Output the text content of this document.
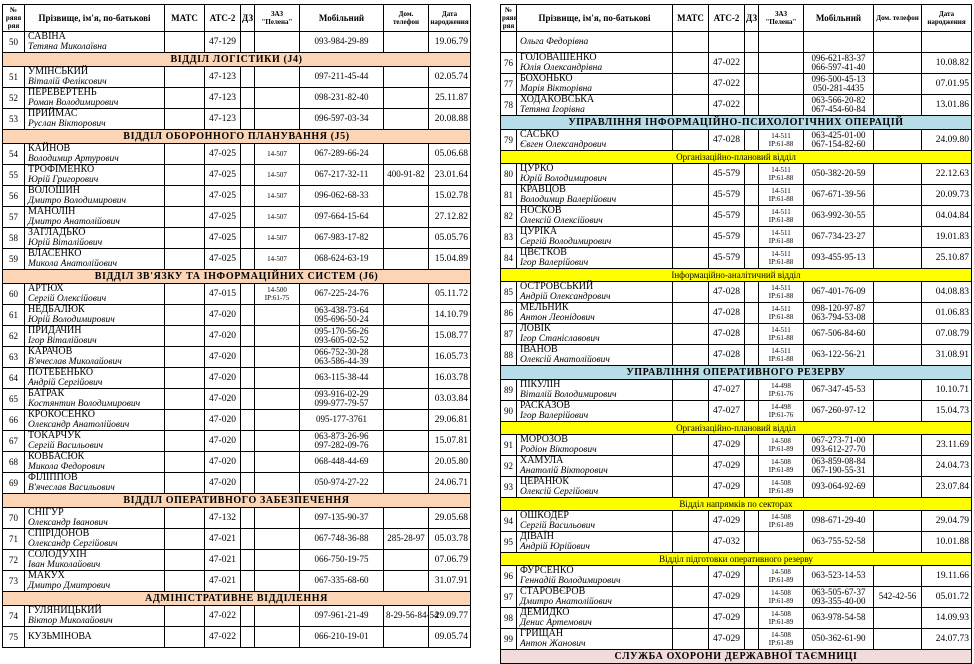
№ ряяя ряя	Прізвище, ім'я, по-батькові	МАТС	АТС-2	ДЗ	ЗАЗ "Пелена"	Мобільний	Дом. телефон	Дата народження
50	САВІНА
Тетяна Миколаївна		47-129			093-984-29-89		19.06.79
ВІДДІЛ ЛОГІСТИКИ (J4)								
51	УМІНСЬКИЙ
Віталій Феліксович		47-123			097-211-45-44		02.05.74
52	ПЕРЕВЕРТЕНЬ
Роман Володимирович		47-123			098-231-82-40		25.11.87
53	ПРИЙМАС
Руслан Вікторович		47-123			096-597-03-34		20.08.88
ВІДДІЛ ОБОРОННОГО ПЛАНУВАННЯ (J5)								
54	КАЙНОВ
Володимир Артурович		47-025		14-507	067-289-66-24		05.06.68
55	ТРОФІМЕНКО
Юрій Григорович		47-025		14-507	067-217-32-11	400-91-82	23.01.64
56	ВОЛОШИН
Дмитро Володимирович		47-025		14-507	096-062-68-33		15.02.78
57	МАНОЛІН
Дмитро Анатолійович		47-025		14-507	097-664-15-64		27.12.82
58	ЗАГЛАДЬКО
Юрій Віталійович		47-025		14-507	067-983-17-82		05.05.76
59	ВЛАСЕНКО
Микола Анатолійович		47-025		14-507	068-624-63-19		15.04.89
ВІДДІЛ ЗВ'ЯЗКУ ТА ІНФОРМАЦІЙНИХ СИСТЕМ (J6)								
60	АРТЮХ
Сергій Олексійович		47-015		14-500
IP:61-75	067-225-24-76		05.11.72
61	НЕДБАЛЮК
Юрій Володимирович		47-020			063-438-73-64
095-696-50-24		14.10.79
62	ПРИДАЧИН
Ігор Віталійович		47-020			095-170-56-26
093-605-02-52		15.08.77
63	КАРАЧОВ
В'ячеслав Миколайович		47-020			066-752-30-28
063-586-44-39		16.05.73
64	ПОТЕБЕНЬКО
Андрій Сергійович		47-020			063-115-38-44		16.03.78
65	БАТРАК
Костянтин Володимирович		47-020			093-916-02-29
099-977-79-57		03.03.84
66	КРОКОСЕНКО
Олександр Анатолійович		47-020			095-177-3761		29.06.81
67	ТОКАРЧУК
Сергій Васильович		47-020			063-873-26-96
097-282-09-76		15.07.81
68	КОВБАСЮК
Микола Федорович		47-020			068-448-44-69		20.05.80
69	ФІЛІППОВ
В'ячеслав Васильович		47-020			050-974-27-22		24.06.71
ВІДДІЛ ОПЕРАТИВНОГО ЗАБЕЗПЕЧЕННЯ								
70	СНІГУР
Олександр Іванович		47-132			097-135-90-37		29.05.68
71	СПІРІДОНОВ
Олександр Сергійович		47-021			067-748-36-88	285-28-97	05.03.78
72	СОЛОДУХІН
Іван Миколайович		47-021			066-750-19-75		07.06.79
73	МАКУХ
Дмитро Дмитрович		47-021			067-335-68-60		31.07.91
АДМІНІСТРАТИВНЕ ВІДДІЛЕННЯ								
74	ГУЛЯНИЦЬКИЙ
Віктор Миколайович		47-022			097-961-21-49	8-29-56-84-54	29.09.77
75	КУЗЬМІНОВА		47-022			066-210-19-01		09.05.74
№ ряяя ряя	Прізвище, ім'я, по-батькові	МАТС	АТС-2	ДЗ	ЗАЗ "Пелена"	Мобільний	Дом. телефон	Дата народження

	Ольга Федорівна							

76	ГОЛОВАШЕНКО
Юлія Олександрівна		47-022			096-621-83-37
066-597-41-40		10.08.82
77	БОХОНЬКО
Марія Вікторівна		47-022			096-500-45-13
050-281-4435		07.01.95
78	ХОДАКОВСЬКА
Тетяна Ігорівна		47-022			063-566-20-82
067-454-60-84		13.01.86
УПРАВЛІННЯ ІНФОРМАЦІЙНО-ПСИХОЛОГІЧНИХ ОПЕРАЦІЙ								
79	САСЬКО
Євген Олександрович		47-028		14-511
IP:61-88	063-425-01-00
067-154-82-60		24.09.80
Організаційно-плановий відділ								
80	ЦУРКО
Юрій Володимирович		45-579		14-511
IP:61-88	050-382-20-59		22.12.63
81	КРАВЦОВ
Володимир Валерійович		45-579		14-511
IP:61-88	067-671-39-56		20.09.73
82	НОСКОВ
Олексій Олексійович		45-579		14-511
IP:61-88	063-992-30-55		04.04.84
83	ЦУРІКА
Сергій Володимирович		45-579		14-511
IP:61-88	067-734-23-27		19.01.83
84	ЦВЄТКОВ
Ігор Валерійович		45-579		14-511
IP:61-88	093-455-95-13		25.10.87
Інформаційно-аналітичний відділ								
85	ОСТРОВСЬКИЙ
Андрій Олександрович		47-028		14-511
IP:61-88	067-401-76-09		04.08.83
86	МЕЛЬНИК
Антон Леонідович		47-028		14-511
IP:61-88	098-120-97-87
063-794-53-08		01.06.83
87	ЛОВІК
Ігор Станіславович		47-028		14-511
IP:61-88	067-506-84-60		07.08.79
88	ІВАНОВ
Олексій Анатолійович		47-028		14-511
IP:61-88	063-122-56-21		31.08.91
УПРАВЛІННЯ ОПЕРАТИВНОГО РЕЗЕРВУ								
89	ПІКУЛІН
Віталій Володимирович		47-027		14-498
IP:61-76	067-347-45-53		10.10.71
90	РАСКАЗОВ
Ігор Валерійович		47-027		14-498
IP:61-76	067-260-97-12		15.04.73
Організаційно-плановий відділ								
91	МОРОЗОВ
Родіон Вікторович		47-029		14-508
IP:61-89	067-273-71-00
093-612-27-70		23.11.69
92	ХАМУЛА
Анатолій Вікторович		47-029		14-508
IP:61-89	063-859-08-84
067-190-55-31		24.04.73
93	ЦЕРАНЮК
Олексій Сергійович		47-029		14-508
IP:61-89	093-064-92-69		23.07.84
Відділ напрямків по секторах								
94	ОШКОДЕР
Сергій Васильович		47-029		14-508
IP:61-89	098-671-29-40		29.04.79
95	ДІВАЇН
Андрій Юрійович		47-032			063-755-52-58		10.01.88
Відділ підготовки оперативного резерву								
96	ФУРСЕНКО
Геннадій Володимирович		47-029		14-508
IP:61-89	063-523-14-53		19.11.66
97	СТАРОВЄРОВ
Дмитро Анатолійович		47-029		14-508
IP:61-89	063-505-67-37
093-355-40-00	542-42-56	05.01.72
98	ДЕМИДКО
Денис Артемович		47-029		14-508
IP:61-89	063-978-54-58		14.09.93
99	ГРИЩАН
Антон Жанович		47-029		14-508
IP:61-89	050-362-61-90		24.07.73
СЛУЖБА ОХОРОНИ ДЕРЖАВНОЇ ТАЄМНИЦІ								
